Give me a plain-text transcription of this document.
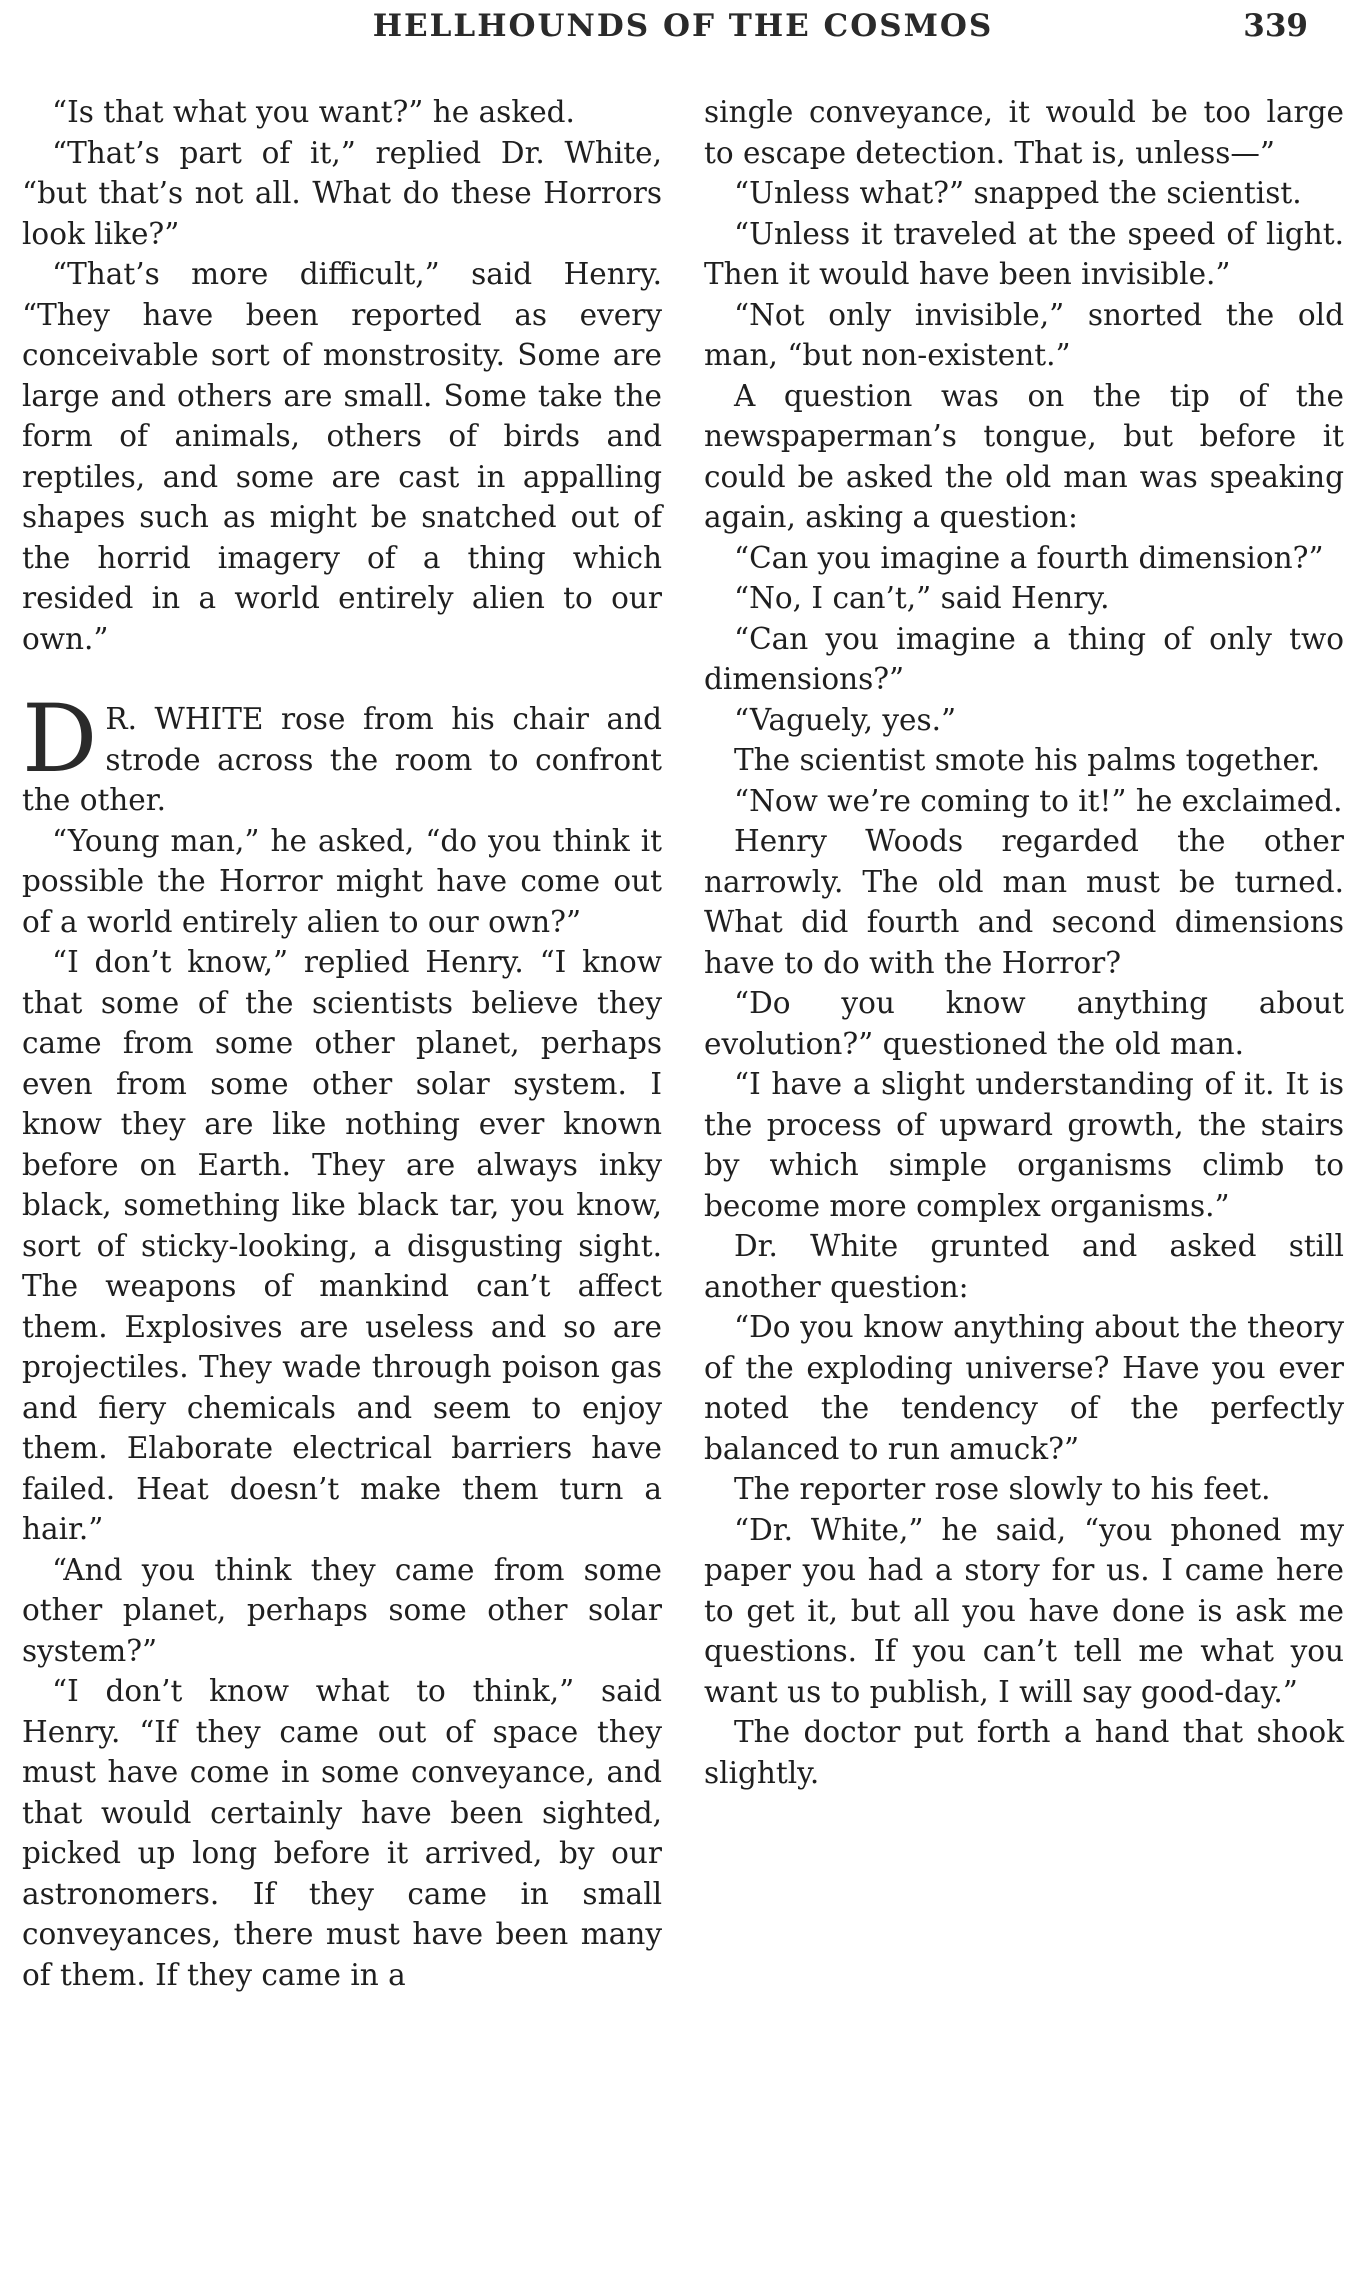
HELLHOUNDS OF THE COSMOS	339

“Is that what you want?” he asked.

“That’s part of it,” replied Dr. White, “but that’s not all. What do these Horrors look like?”

“That’s more difficult,” said Henry. “They have been reported as every conceivable sort of monstrosity. Some are large and others are small. Some take the form of animals, others of birds and reptiles, and some are cast in appalling shapes such as might be snatched out of the horrid imagery of a thing which resided in a world entirely alien to our own.”

D R. WHITE rose from his chair and strode across the room to confront the other.

“Young man,” he asked, “do you think it possible the Horror might have come out of a world entirely alien to our own?”

“I don’t know,” replied Henry. “I know that some of the scientists believe they came from some other planet, perhaps even from some other solar system. I know they are like nothing ever known before on Earth. They are always inky black, something like black tar, you know, sort of sticky-looking, a disgusting sight. The weapons of mankind can’t affect them. Explosives are useless and so are projectiles. They wade through poison gas and fiery chemicals and seem to enjoy them. Elaborate electrical barriers have failed. Heat doesn’t make them turn a hair.”

“And you think they came from some other planet, perhaps some other solar system?”

“I don’t know what to think,” said Henry. “If they came out of space they must have come in some conveyance, and that would certainly have been sighted, picked up long before it arrived, by our astronomers. If they came in small conveyances, there must have been many of them. If they came in a

single conveyance, it would be too large to escape detection. That is, unless—”

“Unless what?” snapped the scientist.

“Unless it traveled at the speed of light. Then it would have been invisible.”

“Not only invisible,” snorted the old man, “but non-existent.”

A question was on the tip of the newspaperman’s tongue, but before it could be asked the old man was speaking again, asking a question:

“Can you imagine a fourth dimension?”

“No, I can’t,” said Henry.

“Can you imagine a thing of only two dimensions?”

“Vaguely, yes.”

The scientist smote his palms together.

“Now we’re coming to it!” he exclaimed.

Henry Woods regarded the other narrowly. The old man must be turned. What did fourth and second dimensions have to do with the Horror?

“Do you know anything about evolution?” questioned the old man.

“I have a slight understanding of it. It is the process of upward growth, the stairs by which simple organisms climb to become more complex organisms.”

Dr. White grunted and asked still another question:

“Do you know anything about the theory of the exploding universe? Have you ever noted the tendency of the perfectly balanced to run amuck?”

The reporter rose slowly to his feet.

“Dr. White,” he said, “you phoned my paper you had a story for us. I came here to get it, but all you have done is ask me questions. If you can’t tell me what you want us to publish, I will say good-day.”

The doctor put forth a hand that shook slightly.
